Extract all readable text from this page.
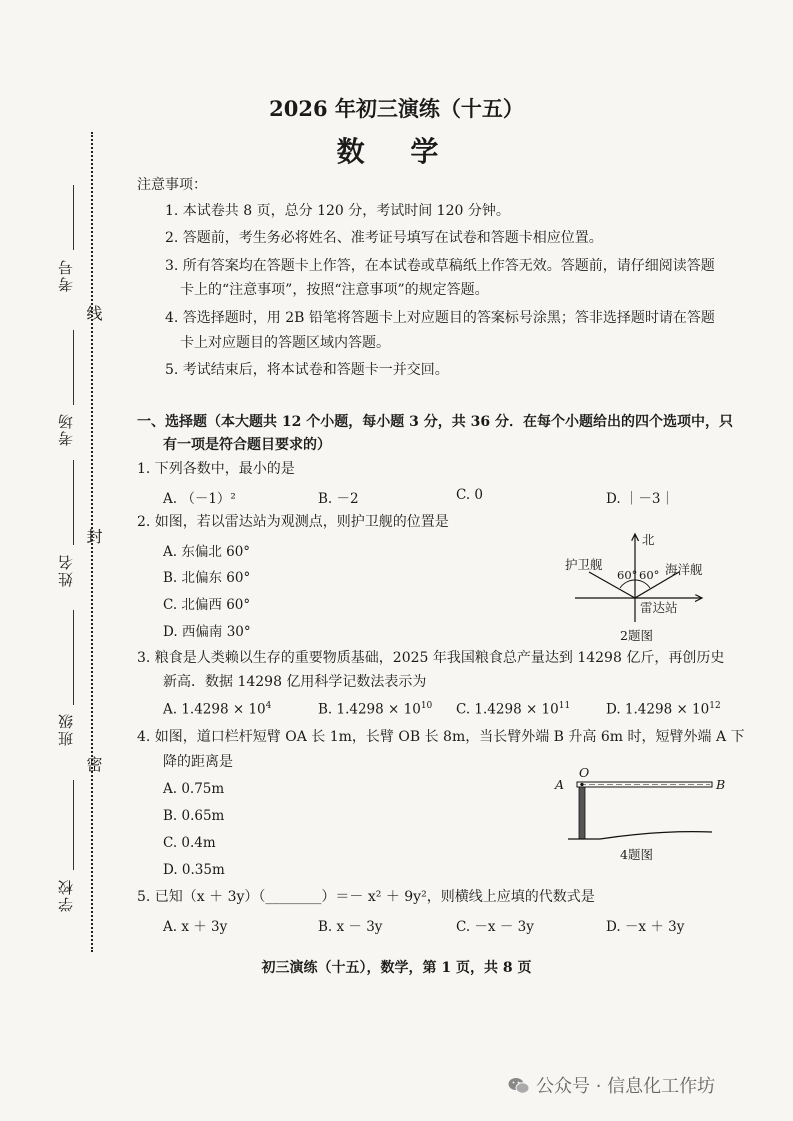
线
封
密
考号
考场
姓名
班级
学校
2026 年初三演练（十五）
数 学
注意事项：
1. 本试卷共 8 页，总分 120 分，考试时间 120 分钟。
2. 答题前，考生务必将姓名、准考证号填写在试卷和答题卡相应位置。
3. 所有答案均在答题卡上作答，在本试卷或草稿纸上作答无效。答题前，请仔细阅读答题
卡上的“注意事项”，按照“注意事项”的规定答题。
4. 答选择题时，用 2B 铅笔将答题卡上对应题目的答案标号涂黑；答非选择题时请在答题
卡上对应题目的答题区域内答题。
5. 考试结束后，将本试卷和答题卡一并交回。
一、选择题（本大题共 12 个小题，每小题 3 分，共 36 分．在每个小题给出的四个选项中，只
有一项是符合题目要求的）
1. 下列各数中，最小的是
A. （－1）²	B. －2	C. 0	D. ｜－3｜
2. 如图，若以雷达站为观测点，则护卫舰的位置是
A. 东偏北 60°
B. 北偏东 60°
C. 北偏西 60°
D. 西偏南 30°
北
护卫舰	海洋舰
60° 60°
雷达站
2题图
3. 粮食是人类赖以生存的重要物质基础，2025 年我国粮食总产量达到 14298 亿斤，再创历史
新高．数据 14298 亿用科学记数法表示为
A. $1.4298 \times 10^4$	B. $1.4298 \times 10^{10}$ C. $1.4298 \times 10^{11}$	D. $1.4298 \times 10^{12}$
4. 如图，道口栏杆短臂 OA 长 1m，长臂 OB 长 8m，当长臂外端 B 升高 6m 时，短臂外端 A 下
降的距离是
A. 0.75m
B. 0.65m
C. 0.4m
D. 0.35m
A
O
B
4题图
5. 已知（x ＋ 3y）（________）＝－ x² ＋ 9y²，则横线上应填的代数式是
A. x ＋ 3y	B. x － 3y	C. －x － 3y	D. －x ＋ 3y
初三演练（十五），数学，第 1 页，共 8 页
公众号 · 信息化工作坊
